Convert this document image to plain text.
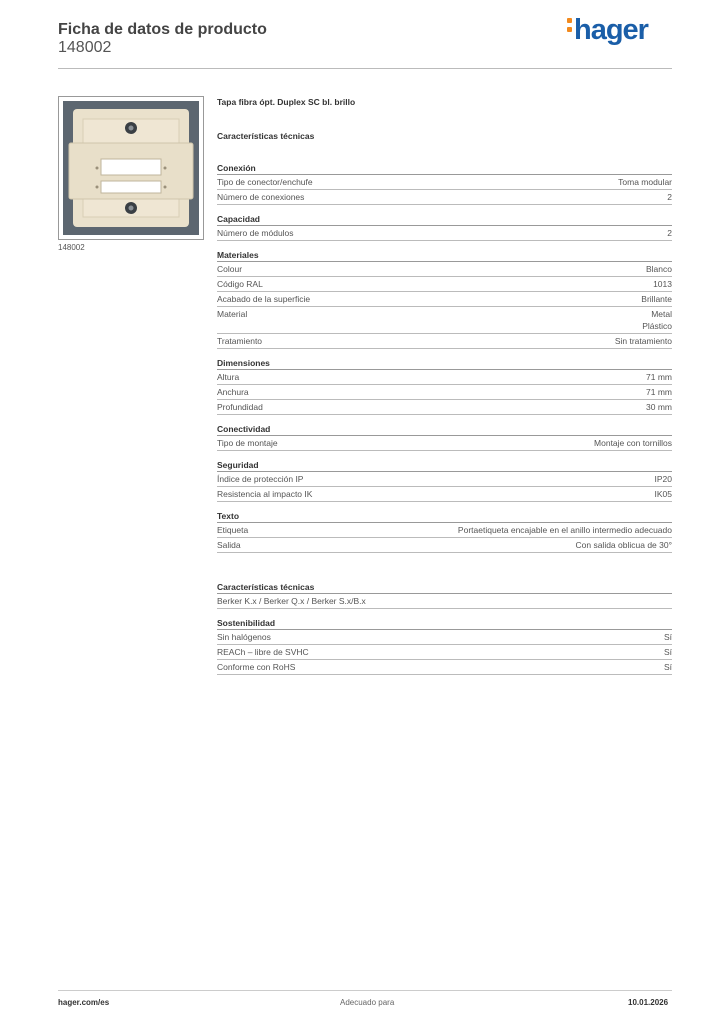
Ficha de datos de producto
148002
hager
148002
Tapa fibra ópt. Duplex SC bl. brillo
Características técnicas
Conexión
Tipo de conector/enchufe	Toma modular
Número de conexiones	2
Capacidad
Número de módulos	2
Materiales
Colour	Blanco
Código RAL	1013
Acabado de la superficie	Brillante
Material	Metal
Plástico
Tratamiento	Sin tratamiento
Dimensiones
Altura	71 mm
Anchura	71 mm
Profundidad	30 mm
Conectividad
Tipo de montaje	Montaje con tornillos
Seguridad
Índice de protección IP	IP20
Resistencia al impacto IK	IK05
Texto
Etiqueta	Portaetiqueta encajable en el anillo intermedio adecuado
Salida	Con salida oblicua de 30°
Características técnicas
Berker K.x / Berker Q.x / Berker S.x/B.x
Sostenibilidad
Sin halógenos	Sí
REACh – libre de SVHC	Sí
Conforme con RoHS	Sí
hager.com/es	Adecuado para	10.01.2026
